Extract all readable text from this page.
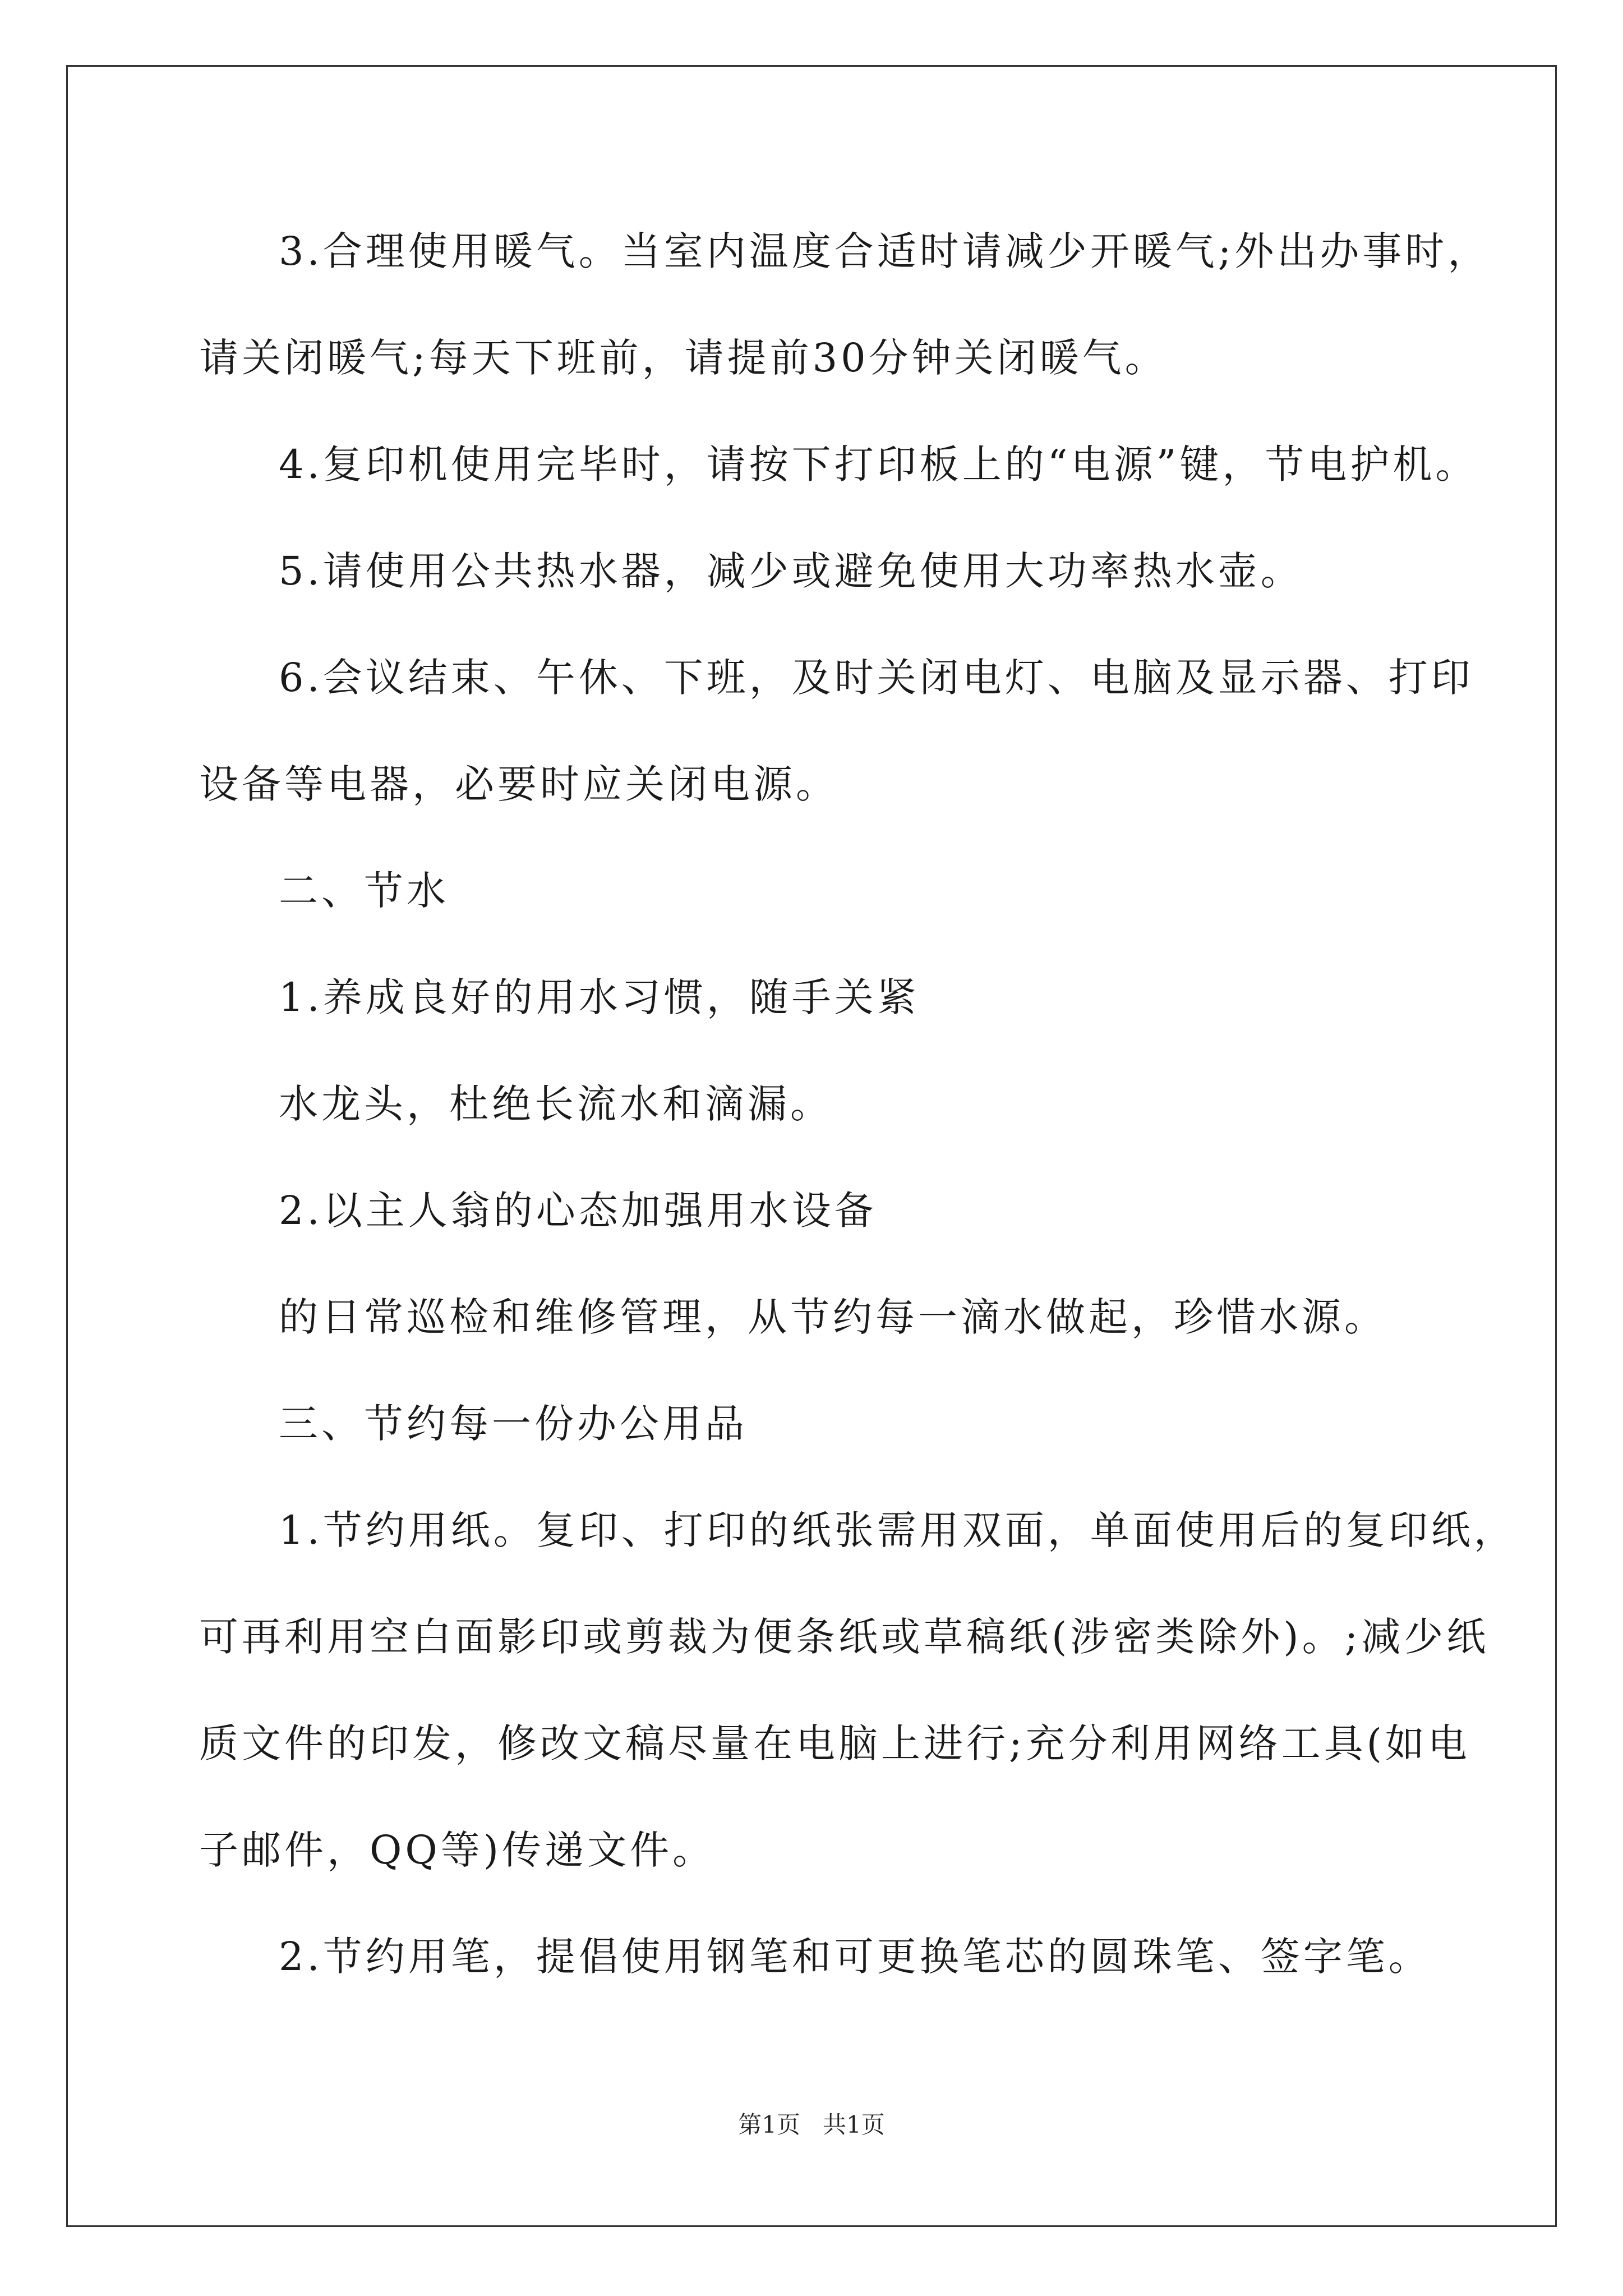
3.合理使用暖气。当室内温度合适时请减少开暖气;外出办事时，

请关闭暖气;每天下班前，请提前30分钟关闭暖气。

4.复印机使用完毕时，请按下打印板上的“电源”键，节电护机。

5.请使用公共热水器，减少或避免使用大功率热水壶。

6.会议结束、午休、下班，及时关闭电灯、电脑及显示器、打印

设备等电器，必要时应关闭电源。

二、节水

1.养成良好的用水习惯，随手关紧

水龙头，杜绝长流水和滴漏。

2.以主人翁的心态加强用水设备

的日常巡检和维修管理，从节约每一滴水做起，珍惜水源。

三、节约每一份办公用品

1.节约用纸。复印、打印的纸张需用双面，单面使用后的复印纸，

可再利用空白面影印或剪裁为便条纸或草稿纸(涉密类除外)。;减少纸

质文件的印发，修改文稿尽量在电脑上进行;充分利用网络工具(如电

子邮件，QQ等)传递文件。

2.节约用笔，提倡使用钢笔和可更换笔芯的圆珠笔、签字笔。

第1页   共1页
